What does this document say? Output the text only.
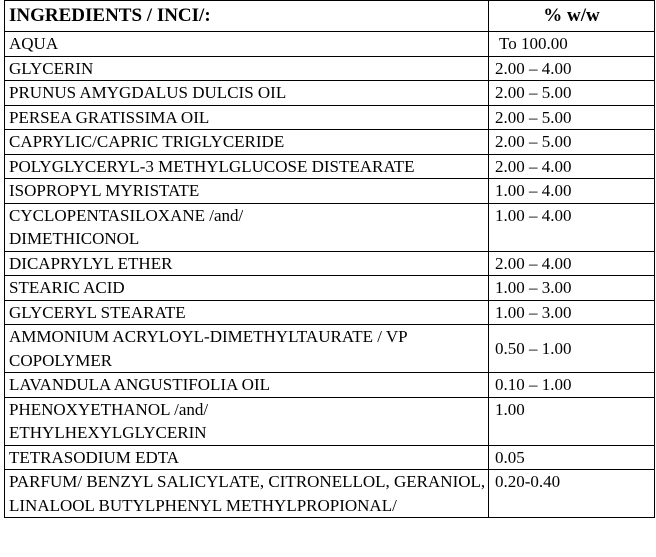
INGREDIENTS / INCI/:	% w/w
AQUA	To 100.00
GLYCERIN	2.00 – 4.00
PRUNUS AMYGDALUS DULCIS OIL	2.00 – 5.00
PERSEA GRATISSIMA OIL	2.00 – 5.00
CAPRYLIC/CAPRIC TRIGLYCERIDE	2.00 – 5.00
POLYGLYCERYL-3 METHYLGLUCOSE DISTEARATE	2.00 – 4.00
ISOPROPYL MYRISTATE	1.00 – 4.00
CYCLOPENTASILOXANE /and/ DIMETHICONOL	1.00 – 4.00
DICAPRYLYL ETHER	2.00 – 4.00
STEARIC ACID	1.00 – 3.00
GLYCERYL STEARATE	1.00 – 3.00
AMMONIUM ACRYLOYL-DIMETHYLTAURATE / VP COPOLYMER	0.50 – 1.00
LAVANDULA ANGUSTIFOLIA OIL	0.10 – 1.00
PHENOXYETHANOL /and/ ETHYLHEXYLGLYCERIN	1.00
TETRASODIUM EDTA	0.05
PARFUM/ BENZYL SALICYLATE, CITRONELLOL, GERANIOL, LINALOOL BUTYLPHENYL METHYLPROPIONAL/	0.20-0.40
